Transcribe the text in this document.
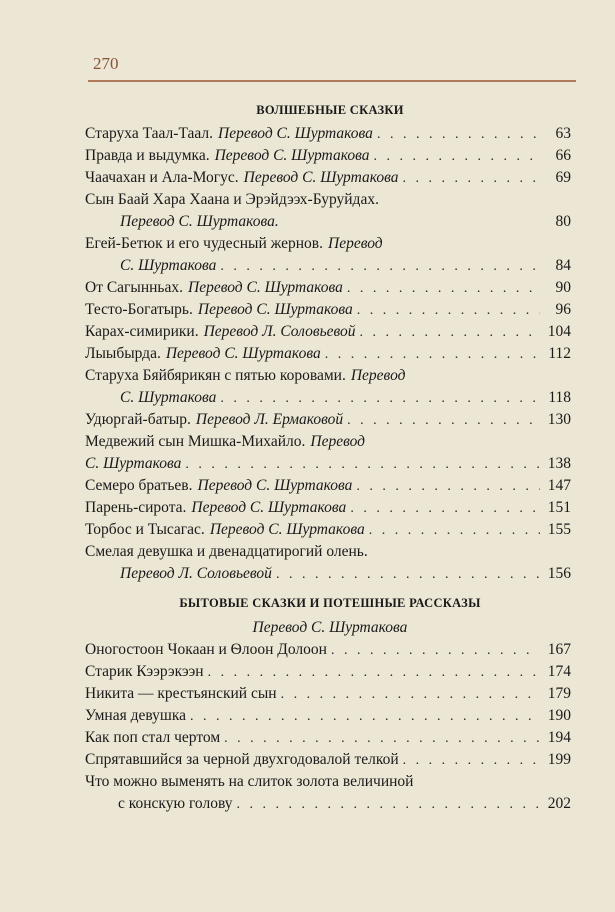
270
ВОЛШЕБНЫЕ СКАЗКИ
Старуха Таал-Таал. Перевод С. Шуртакова . . .	63
Правда и выдумка. Перевод С. Шуртакова . . .	66
Чаачахан и Ала-Могус. Перевод С. Шуртакова . . .	69
Сын Баай Хара Хаана и Эрэйдээх-Буруйдах.
Перевод С. Шуртакова.	80
Егей-Бетюк и его чудесный жернов. Перевод
С. Шуртакова . . .	84
От Сагынньах. Перевод С. Шуртакова . . .	90
Тесто-Богатырь. Перевод С. Шуртакова . . .	96
Карах-симирики. Перевод Л. Соловьевой . . .	104
Лыыбырда. Перевод С. Шуртакова . . .	112
Старуха Бяйбярикян с пятью коровами. Перевод
С. Шуртакова . . .	118
Удюргай-батыр. Перевод Л. Ермаковой . . .	130
Медвежий сын Мишка-Михайло. Перевод
С. Шуртакова . . .	138
Семеро братьев. Перевод С. Шуртакова . . .	147
Парень-сирота. Перевод С. Шуртакова . . .	151
Торбос и Тысагас. Перевод С. Шуртакова . . .	155
Смелая девушка и двенадцатирогий олень.
Перевод Л. Соловьевой . . .	156
БЫТОВЫЕ СКАЗКИ И ПОТЕШНЫЕ РАССКАЗЫ
Перевод С. Шуртакова
Оногостоон Чокаан и Ѳлоон Долоон . . .	167
Старик Кээрэкээн . . .	174
Никита — крестьянский сын . . .	179
Умная девушка . . .	190
Как поп стал чертом . . .	194
Спрятавшийся за черной двухгодовалой телкой . . .	199
Что можно выменять на слиток золота величиной
с конскую голову . . .	202
